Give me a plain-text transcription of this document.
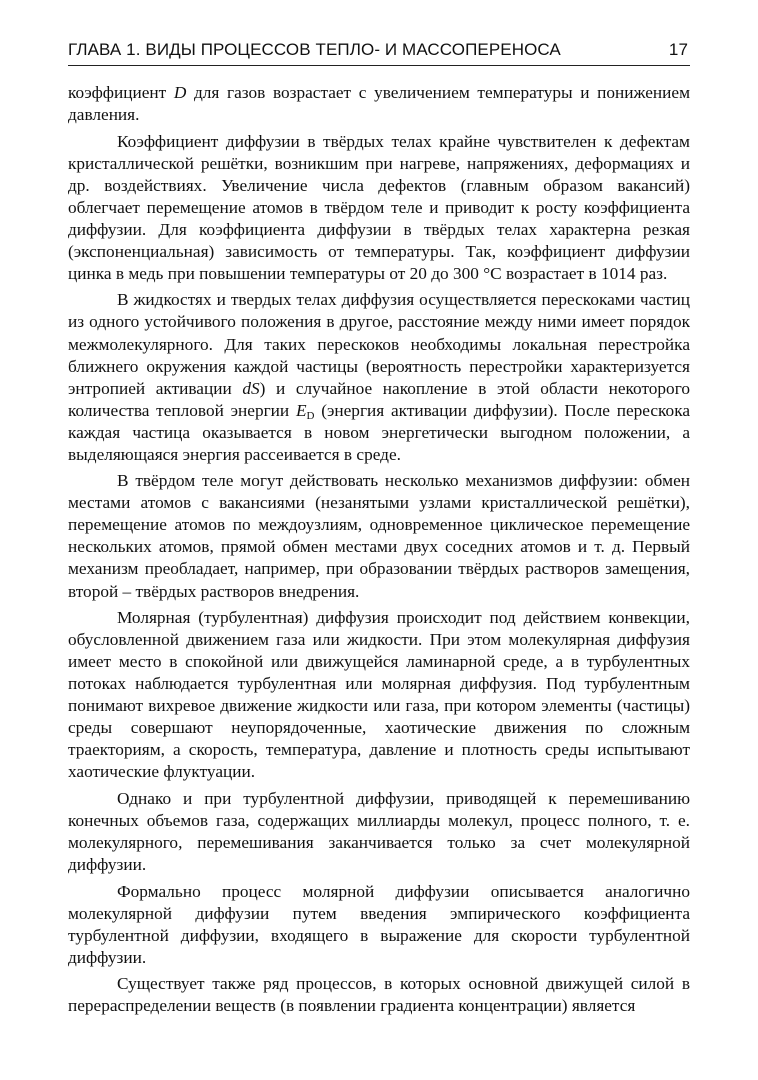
ГЛАВА 1. ВИДЫ ПРОЦЕССОВ ТЕПЛО- И МАССОПЕРЕНОСА	17

коэффициент D для газов возрастает с увеличением температуры и понижением давления.

Коэффициент диффузии в твёрдых телах крайне чувствителен к дефектам кристаллической решётки, возникшим при нагреве, напряжениях, деформациях и др. воздействиях. Увеличение числа дефектов (главным образом вакансий) облегчает перемещение атомов в твёрдом теле и приводит к росту коэффициента диффузии. Для коэффициента диффузии в твёрдых телах характерна резкая (экспоненциальная) зависимость от температуры. Так, коэффициент диффузии цинка в медь при повышении температуры от 20 до 300 °С возрастает в 1014 раз.

В жидкостях и твердых телах диффузия осуществляется перескоками частиц из одного устойчивого положения в другое, расстояние между ними имеет порядок межмолекулярного. Для таких перескоков необходимы локальная перестройка ближнего окружения каждой частицы (вероятность перестройки характеризуется энтропией активации dS) и случайное накопление в этой области некоторого количества тепловой энергии $E_D$ (энергия активации диффузии). После перескока каждая частица оказывается в новом энергетически выгодном положении, а выделяющаяся энергия рассеивается в среде.

В твёрдом теле могут действовать несколько механизмов диффузии: обмен местами атомов с вакансиями (незанятыми узлами кристаллической решётки), перемещение атомов по междоузлиям, одновременное циклическое перемещение нескольких атомов, прямой обмен местами двух соседних атомов и т. д. Первый механизм преобладает, например, при образовании твёрдых растворов замещения, второй – твёрдых растворов внедрения.

Молярная (турбулентная) диффузия происходит под действием конвекции, обусловленной движением газа или жидкости. При этом молекулярная диффузия имеет место в спокойной или движущейся ламинарной среде, а в турбулентных потоках наблюдается турбулентная или молярная диффузия. Под турбулентным понимают вихревое движение жидкости или газа, при котором элементы (частицы) среды совершают неупорядоченные, хаотические движения по сложным траекториям, а скорость, температура, давление и плотность среды испытывают хаотические флуктуации.

Однако и при турбулентной диффузии, приводящей к перемешиванию конечных объемов газа, содержащих миллиарды молекул, процесс полного, т. е. молекулярного, перемешивания заканчивается только за счет молекулярной диффузии.

Формально процесс молярной диффузии описывается аналогично молекулярной диффузии путем введения эмпирического коэффициента турбулентной диффузии, входящего в выражение для скорости турбулентной диффузии.

Существует также ряд процессов, в которых основной движущей силой в перераспределении веществ (в появлении градиента концентрации) является
